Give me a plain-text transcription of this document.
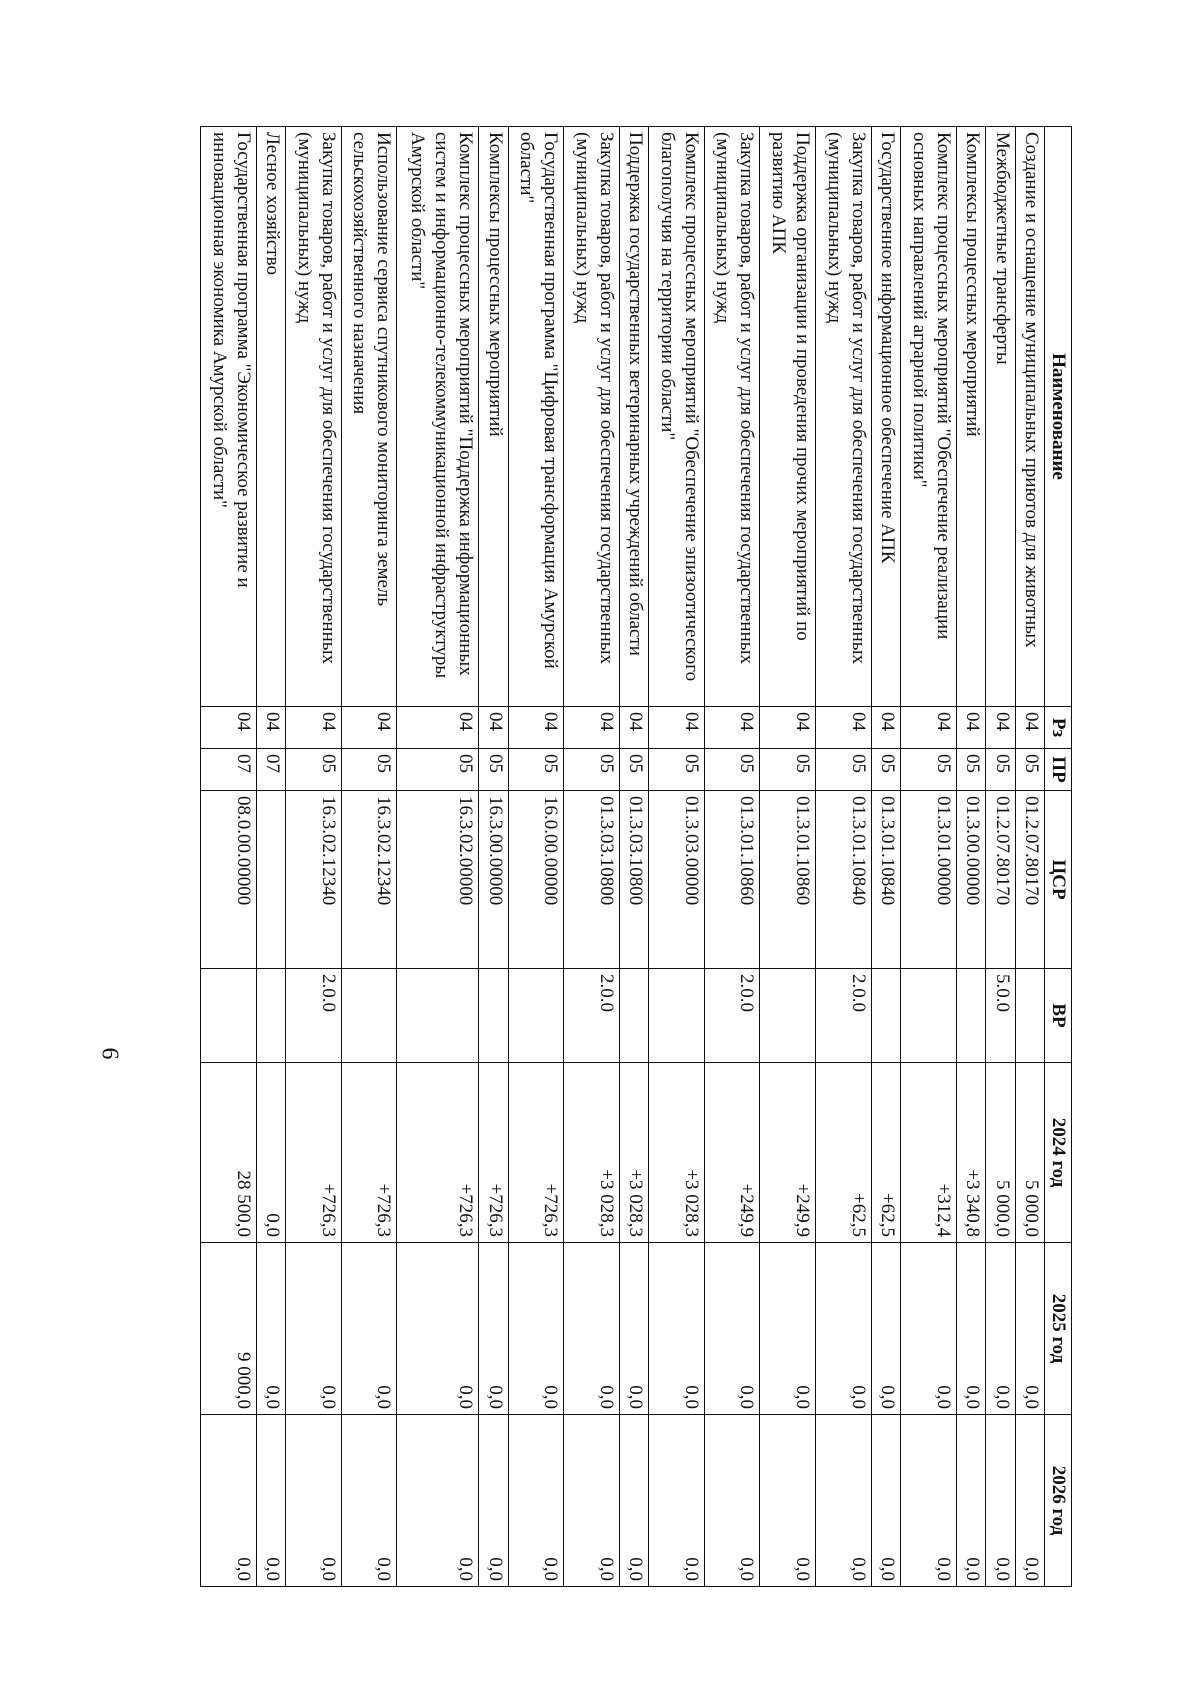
6
Наименование	Рз	ПР	ЦСР	ВР	2024 год	2025 год	2026 год
Создание и оснащение муниципальных приютов для животных	04	05	01.2.07.80170		5 000,0	0,0	0,0
Межбюджетные трансферты	04	05	01.2.07.80170	5.0.0	5 000,0	0,0	0,0
Комплексы процессных мероприятий	04	05	01.3.00.00000		+3 340,8	0,0	0,0
Комплекс процессных мероприятий "Обеспечение реализации основных направлений аграрной политики"	04	05	01.3.01.00000		+312,4	0,0	0,0
Государственное информационное обеспечение АПК	04	05	01.3.01.10840		+62,5	0,0	0,0
Закупка товаров, работ и услуг для обеспечения государственных (муниципальных) нужд	04	05	01.3.01.10840	2.0.0	+62,5	0,0	0,0
Поддержка организации и проведения прочих мероприятий по развитию АПК	04	05	01.3.01.10860		+249,9	0,0	0,0
Закупка товаров, работ и услуг для обеспечения государственных (муниципальных) нужд	04	05	01.3.01.10860	2.0.0	+249,9	0,0	0,0
Комплекс процессных мероприятий "Обеспечение эпизоотического благополучия на территории области"	04	05	01.3.03.00000		+3 028,3	0,0	0,0
Поддержка государственных ветеринарных учреждений области	04	05	01.3.03.10800		+3 028,3	0,0	0,0
Закупка товаров, работ и услуг для обеспечения государственных (муниципальных) нужд	04	05	01.3.03.10800	2.0.0	+3 028,3	0,0	0,0
Государственная программа "Цифровая трансформация Амурской области"	04	05	16.0.00.00000		+726,3	0,0	0,0
Комплексы процессных мероприятий	04	05	16.3.00.00000		+726,3	0,0	0,0
Комплекс процессных мероприятий "Поддержка информационных систем и информационно-телекоммуникационной инфраструктуры Амурской области"	04	05	16.3.02.00000		+726,3	0,0	0,0
Использование сервиса спутникового мониторинга земель сельскохозяйственного назначения	04	05	16.3.02.12340		+726,3	0,0	0,0
Закупка товаров, работ и услуг для обеспечения государственных (муниципальных) нужд	04	05	16.3.02.12340	2.0.0	+726,3	0,0	0,0
Лесное хозяйство	04	07			0,0	0,0	0,0
Государственная программа "Экономическое развитие и инновационная экономика Амурской области"	04	07	08.0.00.00000		28 500,0	9 000,0	0,0
